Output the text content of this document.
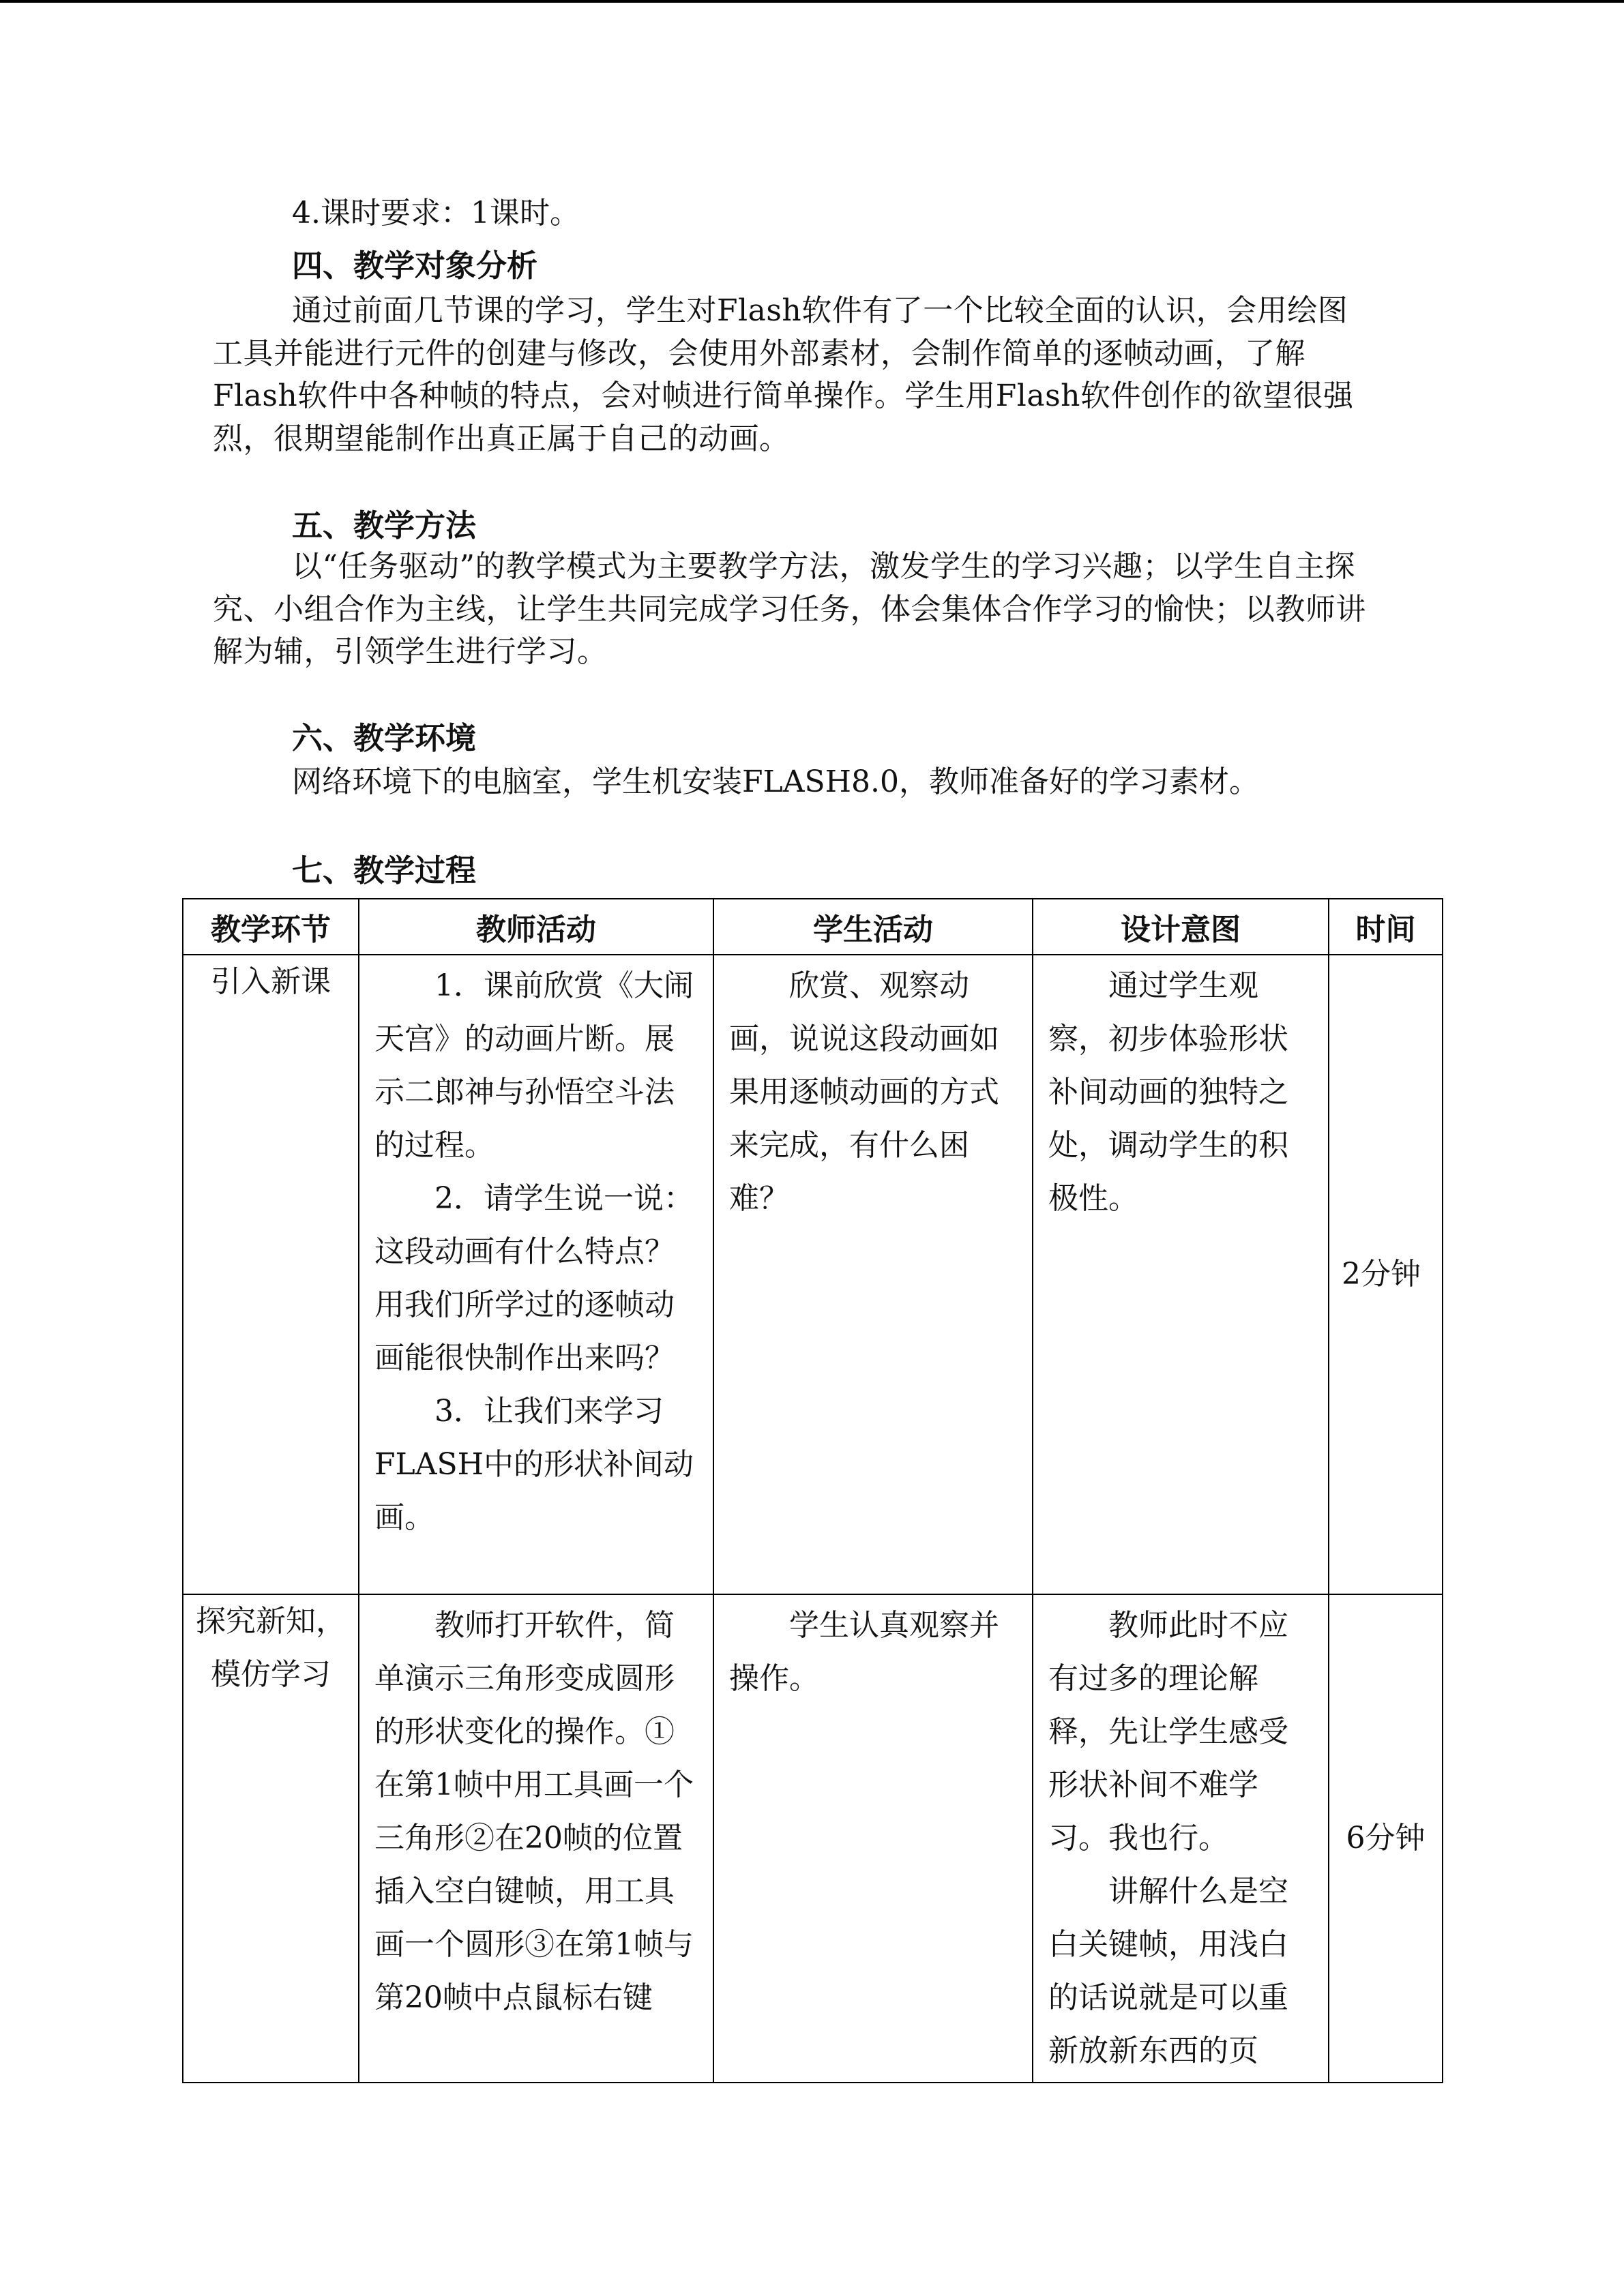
4.课时要求：1课时。
四、教学对象分析
通过前面几节课的学习，学生对Flash软件有了一个比较全面的认识，会用绘图工具并能进行元件的创建与修改，会使用外部素材，会制作简单的逐帧动画，了解Flash软件中各种帧的特点，会对帧进行简单操作。学生用Flash软件创作的欲望很强烈，很期望能制作出真正属于自己的动画。
五、教学方法
以“任务驱动”的教学模式为主要教学方法，激发学生的学习兴趣；以学生自主探究、小组合作为主线，让学生共同完成学习任务，体会集体合作学习的愉快；以教师讲解为辅，引领学生进行学习。
六、教学环境
网络环境下的电脑室，学生机安装FLASH8.0，教师准备好的学习素材。
七、教学过程
教学环节	教师活动	学生活动	设计意图	时间

引入新课	1．课前欣赏《大闹天宫》的动画片断。展示二郎神与孙悟空斗法的过程。
2．请学生说一说：这段动画有什么特点？用我们所学过的逐帧动画能很快制作出来吗？
3．让我们来学习FLASH中的形状补间动画。	欣赏、观察动画，说说这段动画如果用逐帧动画的方式来完成，有什么困难？	通过学生观察，初步体验形状补间动画的独特之处，调动学生的积极性。	2分钟

探究新知，模仿学习	教师打开软件，简单演示三角形变成圆形的形状变化的操作。①在第1帧中用工具画一个三角形②在20帧的位置插入空白键帧，用工具画一个圆形③在第1帧与第20帧中点鼠标右键	学生认真观察并操作。	教师此时不应有过多的理论解释，先让学生感受形状补间不难学习。我也行。
讲解什么是空白关键帧，用浅白的话说就是可以重新放新东西的页	6分钟
